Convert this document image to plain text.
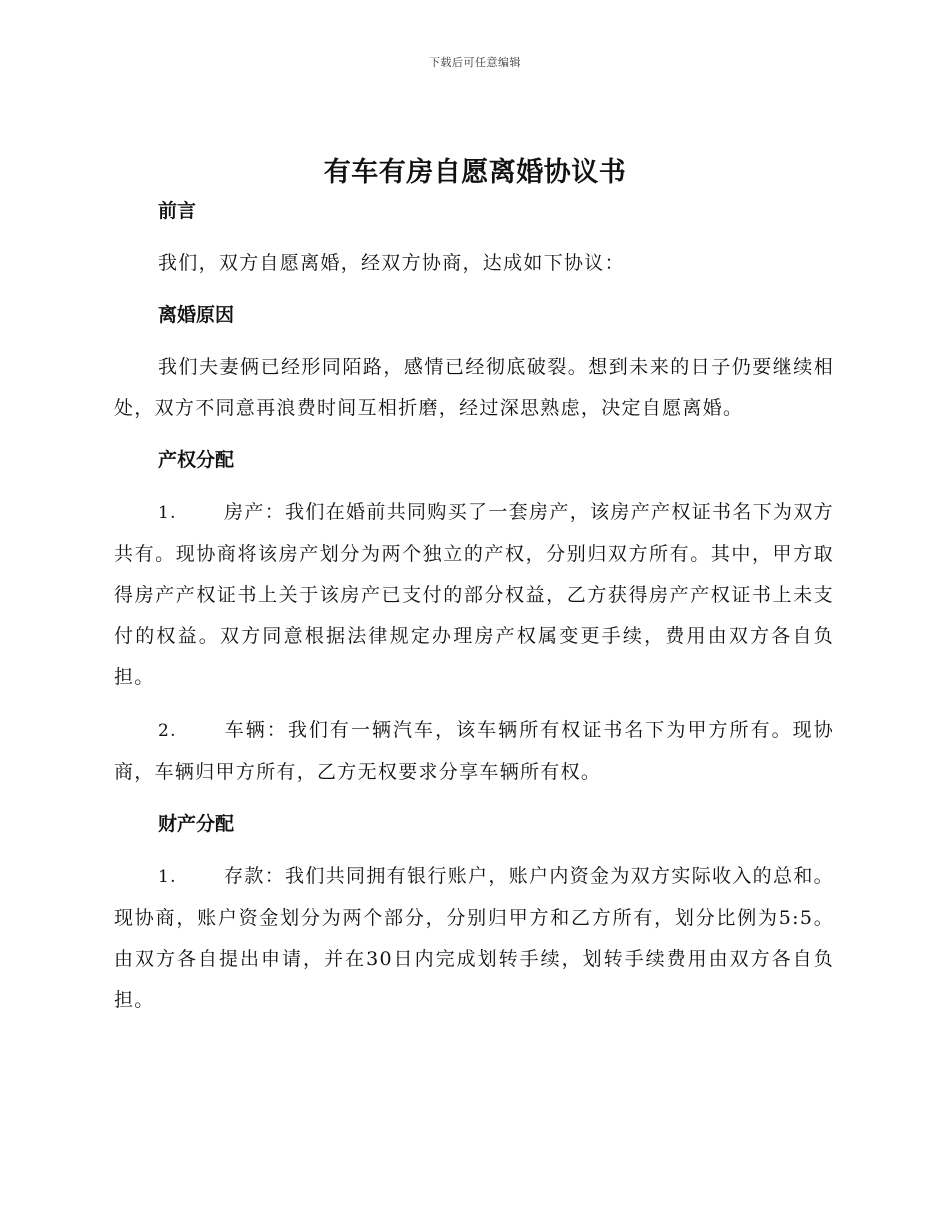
下载后可任意编辑
有车有房自愿离婚协议书
前言

我们，双方自愿离婚，经双方协商，达成如下协议：

离婚原因

我们夫妻俩已经形同陌路，感情已经彻底破裂。想到未来的日子仍要继续相处，双方不同意再浪费时间互相折磨，经过深思熟虑，决定自愿离婚。

产权分配

1. 房产：我们在婚前共同购买了一套房产，该房产产权证书名下为双方共有。现协商将该房产划分为两个独立的产权，分别归双方所有。其中，甲方取得房产产权证书上关于该房产已支付的部分权益，乙方获得房产产权证书上未支付的权益。双方同意根据法律规定办理房产权属变更手续，费用由双方各自负担。

2. 车辆：我们有一辆汽车，该车辆所有权证书名下为甲方所有。现协商，车辆归甲方所有，乙方无权要求分享车辆所有权。

财产分配

1. 存款：我们共同拥有银行账户，账户内资金为双方实际收入的总和。现协商，账户资金划分为两个部分，分别归甲方和乙方所有，划分比例为5:5。由双方各自提出申请，并在30日内完成划转手续，划转手续费用由双方各自负担。
